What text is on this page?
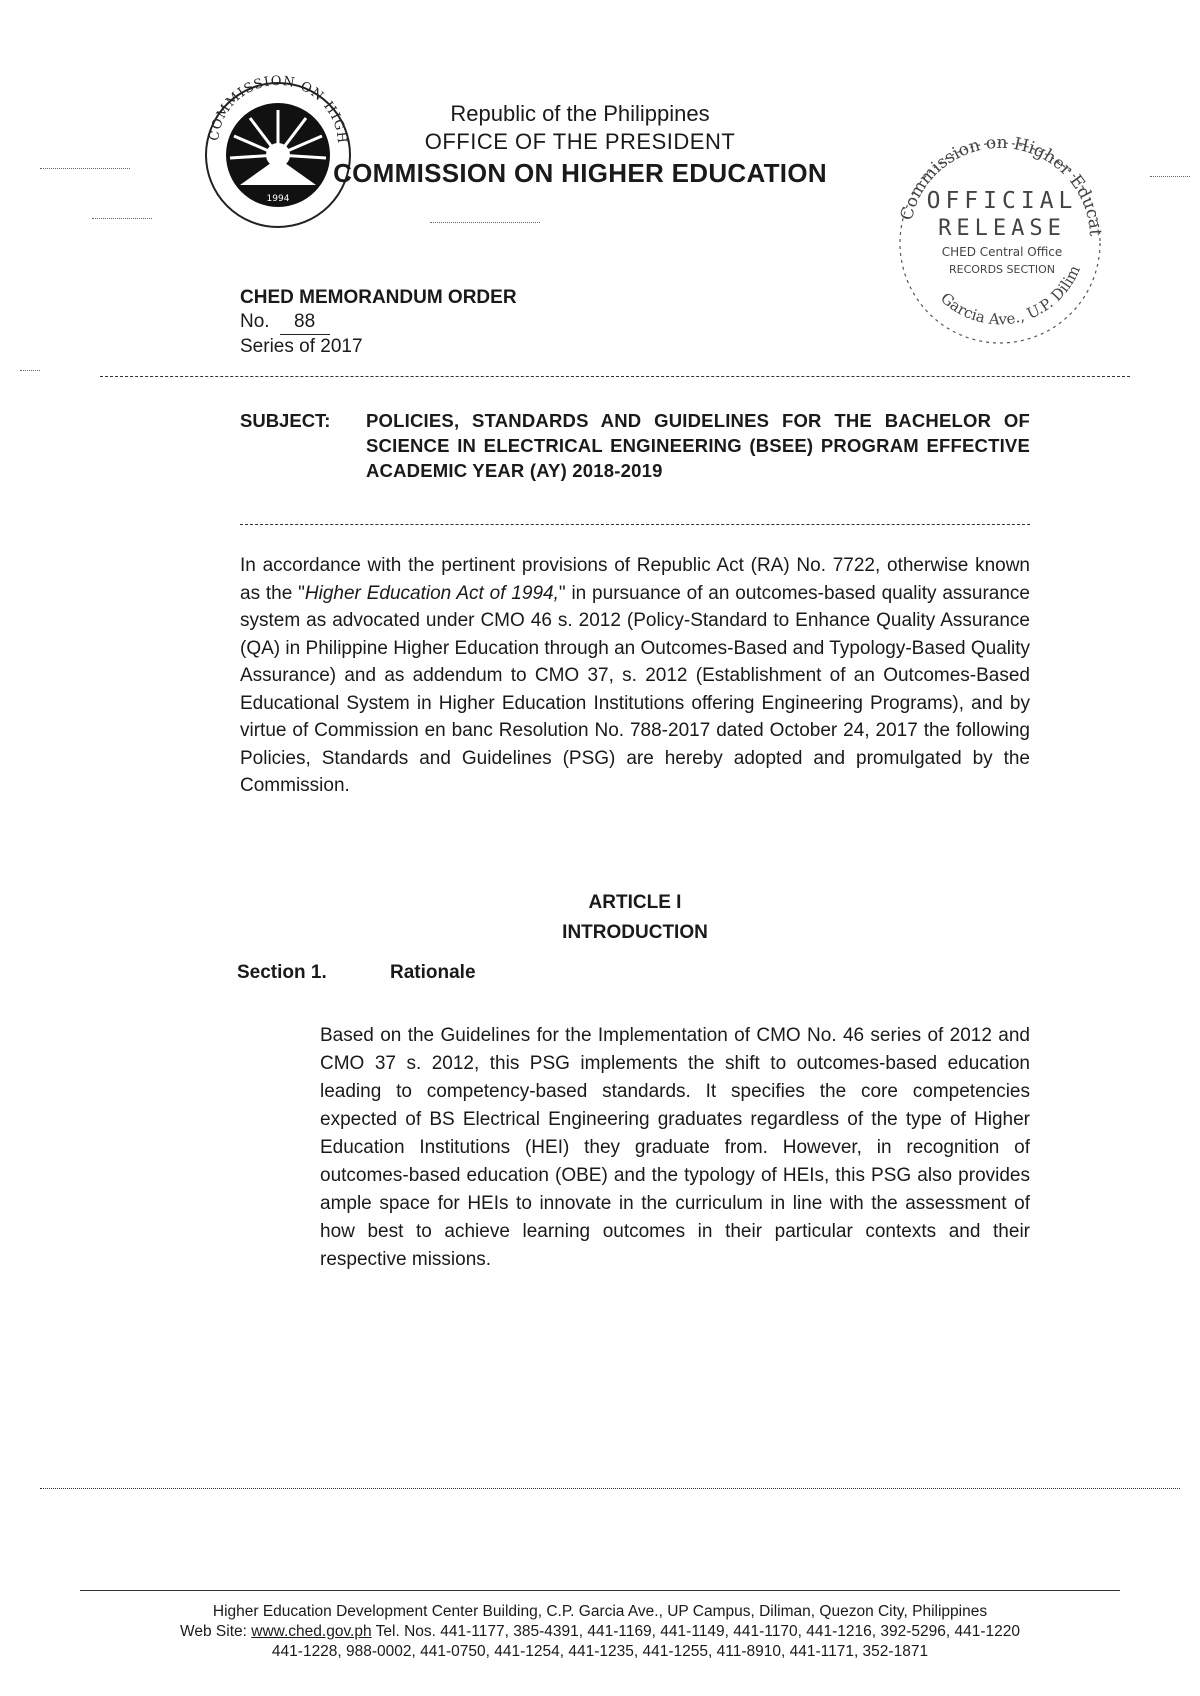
COMMISSION ON HIGH
1994
Republic of the Philippines
OFFICE OF THE PRESIDENT
COMMISSION ON HIGHER EDUCATION
Commission on Higher Educat
OFFICIAL
RELEASE
CHED Central Office
RECORDS SECTION
Garcia Ave., U.P. Dilim
CHED MEMORANDUM ORDER
No. 88
Series of 2017
SUBJECT:	POLICIES, STANDARDS AND GUIDELINES FOR THE BACHELOR OF SCIENCE IN ELECTRICAL ENGINEERING (BSEE) PROGRAM EFFECTIVE ACADEMIC YEAR (AY) 2018-2019
In accordance with the pertinent provisions of Republic Act (RA) No. 7722, otherwise known as the "Higher Education Act of 1994," in pursuance of an outcomes-based quality assurance system as advocated under CMO 46 s. 2012 (Policy-Standard to Enhance Quality Assurance (QA) in Philippine Higher Education through an Outcomes-Based and Typology-Based Quality Assurance) and as addendum to CMO 37, s. 2012 (Establishment of an Outcomes-Based Educational System in Higher Education Institutions offering Engineering Programs), and by virtue of Commission en banc Resolution No. 788-2017 dated October 24, 2017 the following Policies, Standards and Guidelines (PSG) are hereby adopted and promulgated by the Commission.
ARTICLE I
INTRODUCTION
Section 1.	Rationale
Based on the Guidelines for the Implementation of CMO No. 46 series of 2012 and CMO 37 s. 2012, this PSG implements the shift to outcomes-based education leading to competency-based standards. It specifies the core competencies expected of BS Electrical Engineering graduates regardless of the type of Higher Education Institutions (HEI) they graduate from. However, in recognition of outcomes-based education (OBE) and the typology of HEIs, this PSG also provides ample space for HEIs to innovate in the curriculum in line with the assessment of how best to achieve learning outcomes in their particular contexts and their respective missions.
Higher Education Development Center Building, C.P. Garcia Ave., UP Campus, Diliman, Quezon City, Philippines
Web Site: www.ched.gov.ph Tel. Nos. 441-1177, 385-4391, 441-1169, 441-1149, 441-1170, 441-1216, 392-5296, 441-1220
441-1228, 988-0002, 441-0750, 441-1254, 441-1235, 441-1255, 411-8910, 441-1171, 352-1871
